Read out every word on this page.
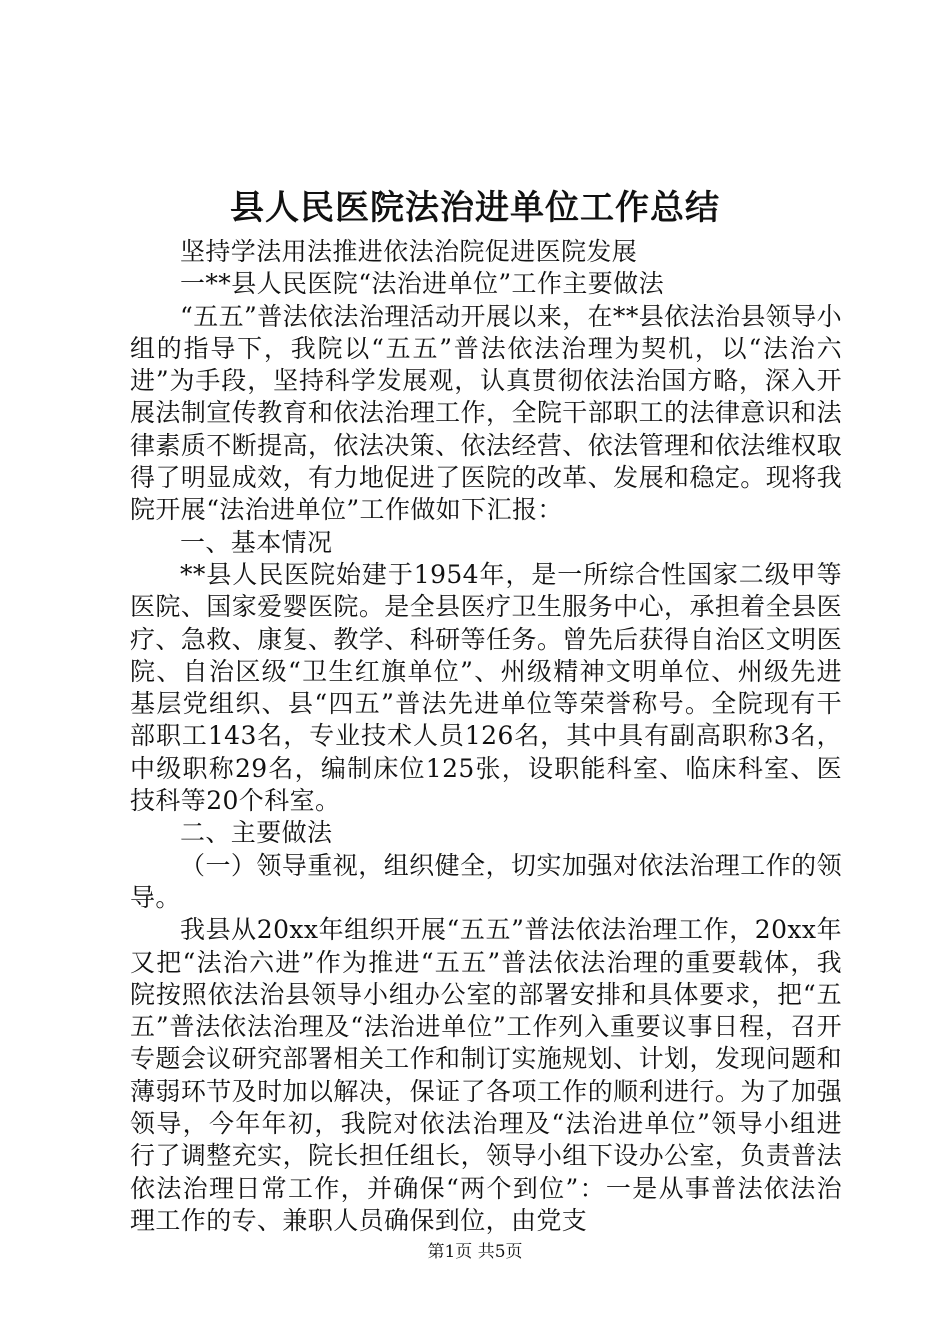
县人民医院法治进单位工作总结

坚持学法用法推进依法治院促进医院发展

一**县人民医院“法治进单位”工作主要做法

“五五”普法依法治理活动开展以来，在**县依法治县领导小组的指导下，我院以“五五”普法依法治理为契机，以“法治六进”为手段，坚持科学发展观，认真贯彻依法治国方略，深入开展法制宣传教育和依法治理工作，全院干部职工的法律意识和法律素质不断提高，依法决策、依法经营、依法管理和依法维权取得了明显成效，有力地促进了医院的改革、发展和稳定。现将我院开展“法治进单位”工作做如下汇报：

一、基本情况

**县人民医院始建于1954年，是一所综合性国家二级甲等医院、国家爱婴医院。是全县医疗卫生服务中心，承担着全县医疗、急救、康复、教学、科研等任务。曾先后获得自治区文明医院、自治区级“卫生红旗单位”、州级精神文明单位、州级先进基层党组织、县“四五”普法先进单位等荣誉称号。全院现有干部职工143名，专业技术人员126名，其中具有副高职称3名，中级职称29名，编制床位125张，设职能科室、临床科室、医技科等20个科室。

二、主要做法

（一）领导重视，组织健全，切实加强对依法治理工作的领导。

我县从20xx年组织开展“五五”普法依法治理工作，20xx年又把“法治六进”作为推进“五五”普法依法治理的重要载体，我院按照依法治县领导小组办公室的部署安排和具体要求，把“五五”普法依法治理及“法治进单位”工作列入重要议事日程，召开专题会议研究部署相关工作和制订实施规划、计划，发现问题和薄弱环节及时加以解决，保证了各项工作的顺利进行。为了加强领导，今年年初，我院对依法治理及“法治进单位”领导小组进行了调整充实，院长担任组长，领导小组下设办公室，负责普法依法治理日常工作，并确保“两个到位”：一是从事普法依法治理工作的专、兼职人员确保到位，由党支

第1页 共5页
